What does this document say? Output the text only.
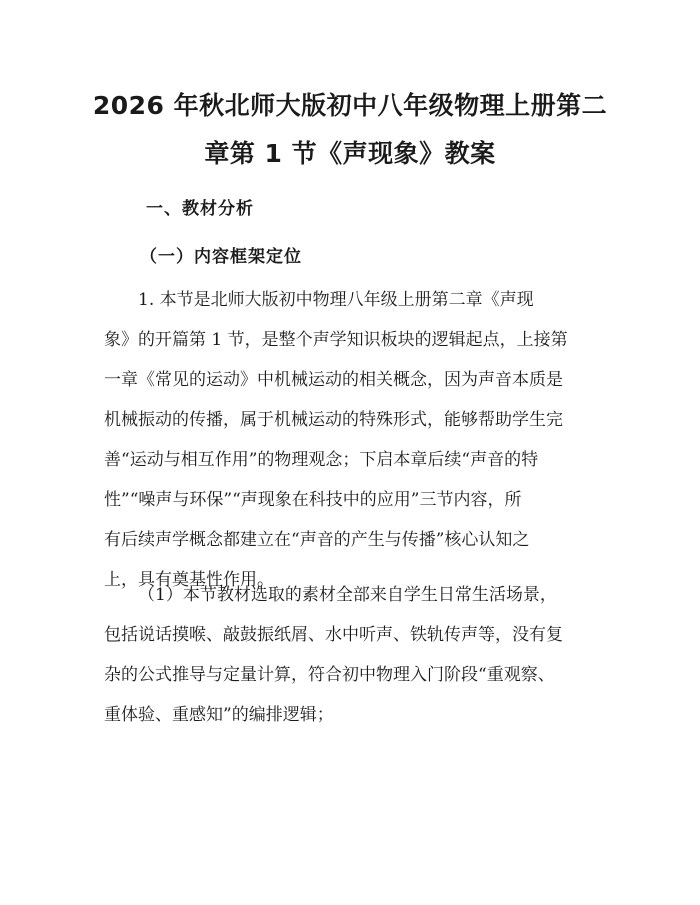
2026 年秋北师大版初中八年级物理上册第二
章第 1 节《声现象》教案
一、教材分析
（一）内容框架定位

1. 本节是北师大版初中物理八年级上册第二章《声现
象》的开篇第 1 节，是整个声学知识板块的逻辑起点，上接第
一章《常见的运动》中机械运动的相关概念，因为声音本质是
机械振动的传播，属于机械运动的特殊形式，能够帮助学生完
善“运动与相互作用”的物理观念；下启本章后续“声音的特
性”“噪声与环保”“声现象在科技中的应用”三节内容，所
有后续声学概念都建立在“声音的产生与传播”核心认知之
上，具有奠基性作用。

（1）本节教材选取的素材全部来自学生日常生活场景，
包括说话摸喉、敲鼓振纸屑、水中听声、铁轨传声等，没有复
杂的公式推导与定量计算，符合初中物理入门阶段“重观察、
重体验、重感知”的编排逻辑；
